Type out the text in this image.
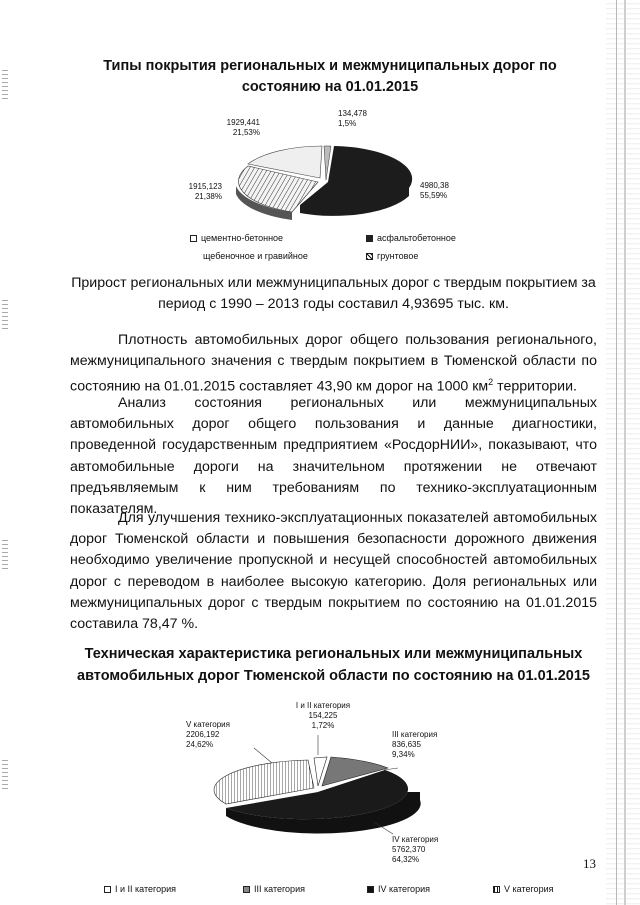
Типы покрытия региональных и межмуниципальных дорог по состоянию на 01.01.2015
1929,441
21,53%
134,478
1,5%
1915,123
21,38%
4980,38
55,59%
цементно-бетонное	асфальтобетонное
щебеночное и гравийное	грунтовое

Прирост региональных или межмуниципальных дорог с твердым покрытием за период с 1990 – 2013 годы составил 4,93695 тыс. км.

Плотность автомобильных дорог общего пользования регионального, межмуниципального значения с твердым покрытием в Тюменской области по состоянию на 01.01.2015 составляет 43,90 км дорог на 1000 $км^2$ территории.

Анализ состояния региональных или межмуниципальных автомобильных дорог общего пользования и данные диагностики, проведенной государственным предприятием «РосдорНИИ», показывают, что автомобильные дороги на значительном протяжении не отвечают предъявляемым к ним требованиям по технико-эксплуатационным показателям.

Для улучшения технико-эксплуатационных показателей автомобильных дорог Тюменской области и повышения безопасности дорожного движения необходимо увеличение пропускной и несущей способностей автомобильных дорог с переводом в наиболее высокую категорию. Доля региональных или межмуниципальных дорог с твердым покрытием по состоянию на 01.01.2015 составила 78,47 %.

Техническая характеристика региональных или межмуниципальных автомобильных дорог Тюменской области по состоянию на 01.01.2015
I и II категория
154,225
1,72%
V категория
2206,192
24,62%
III категория
836,635
9,34%
IV категория
5762,370
64,32%
I и II категория	III категория	IV категория	V категория
13
